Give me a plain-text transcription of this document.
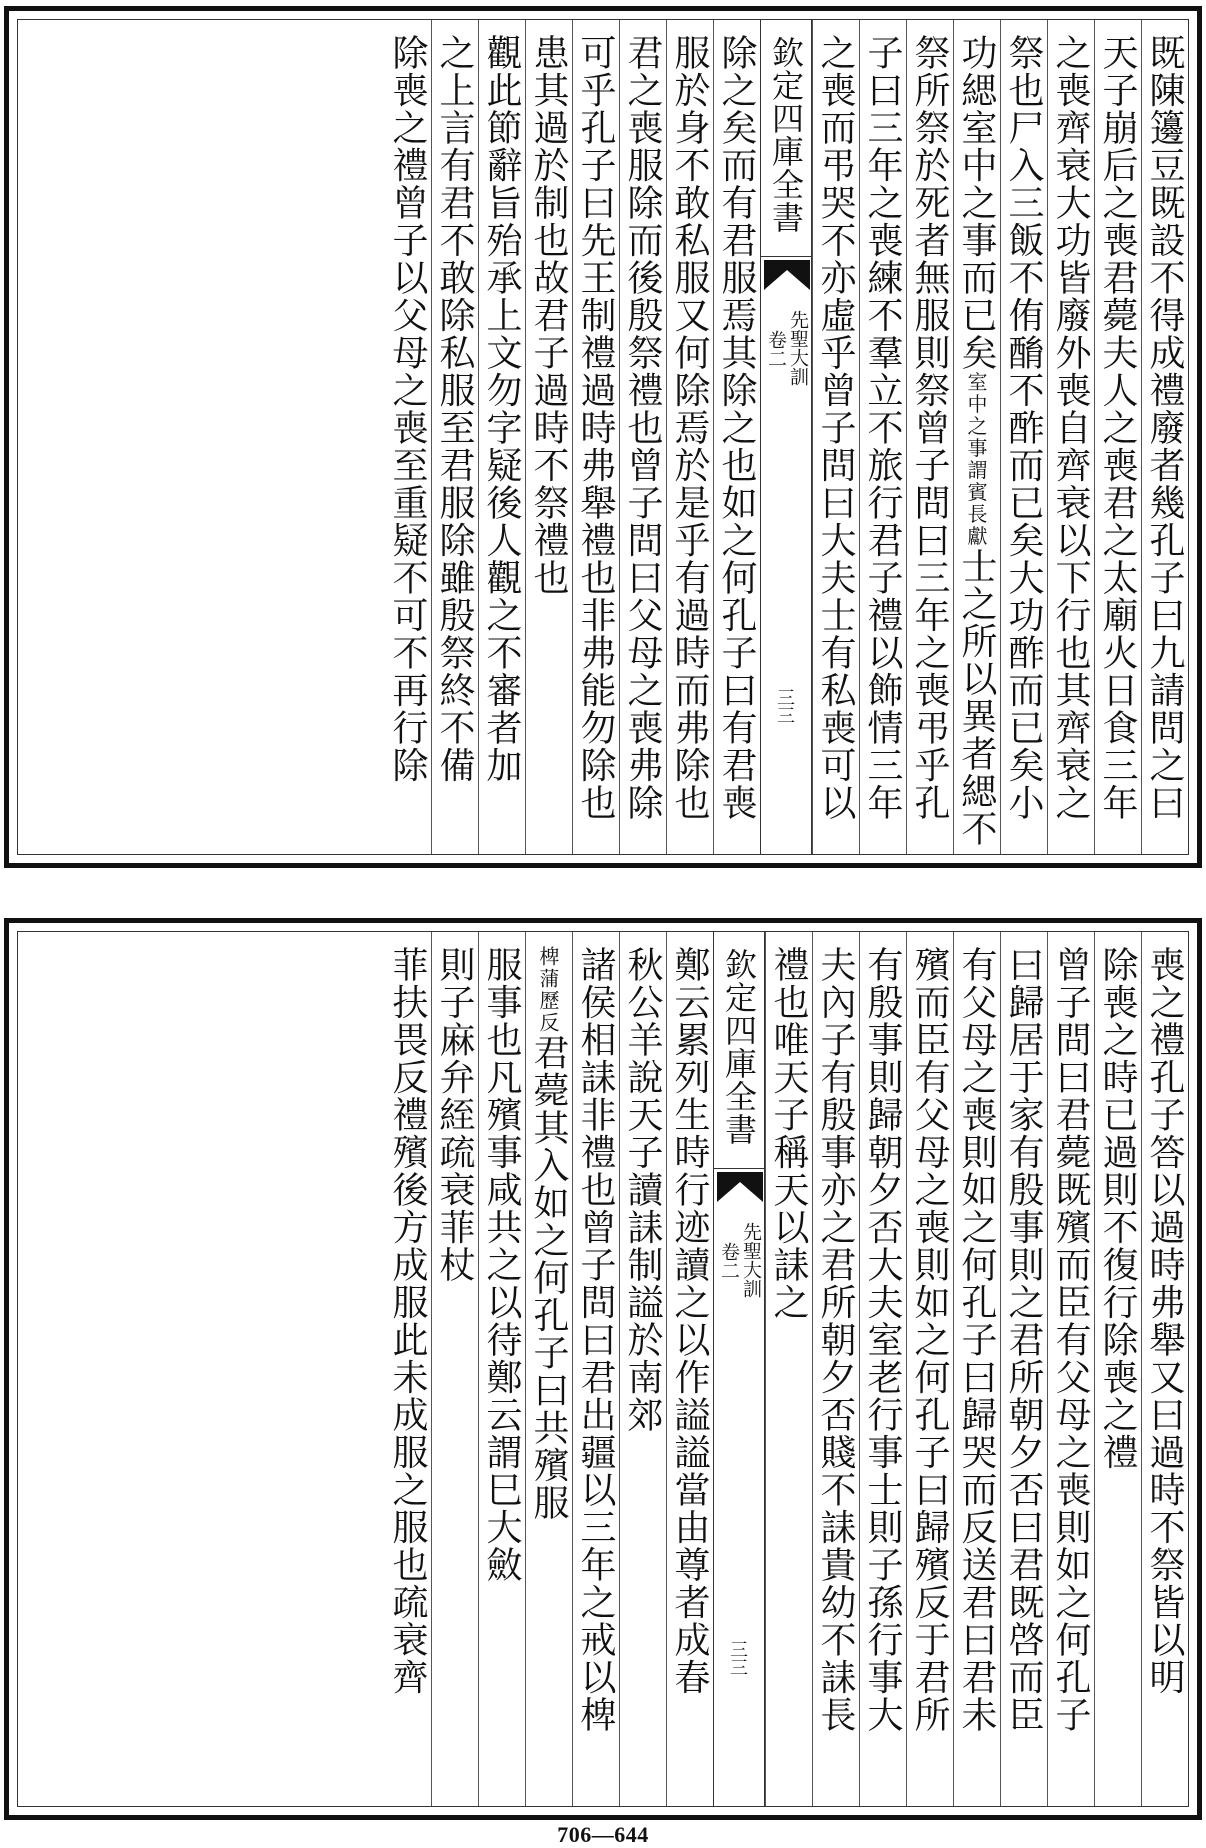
既陳籩豆既設不得成禮廢者幾孔子曰九請問之曰
天子崩后之喪君薨夫人之喪君之太廟火日食三年
之喪齊衰大功皆廢外喪自齊衰以下行也其齊衰之
祭也尸入三飯不侑酳不酢而已矣大功酢而已矣小
功緦室中之事而已矣室中之事謂賓長獻士之所以異者緦不
祭所祭於死者無服則祭曾子問曰三年之喪弔乎孔
子曰三年之喪練不羣立不旅行君子禮以飾情三年
之喪而弔哭不亦虛乎曾子問曰大夫士有私喪可以
欽定四庫全書
先聖大訓
卷二
三三
除之矣而有君服焉其除之也如之何孔子曰有君喪
服於身不敢私服又何除焉於是乎有過時而弗除也
君之喪服除而後殷祭禮也曾子問曰父母之喪弗除
可乎孔子曰先王制禮過時弗舉禮也非弗能勿除也
患其過於制也故君子過時不祭禮也
觀此節辭旨殆承上文勿字疑後人觀之不審者加
之上言有君不敢除私服至君服除雖殷祭終不備
除喪之禮曾子以父母之喪至重疑不可不再行除
喪之禮孔子答以過時弗舉又曰過時不祭皆以明
除喪之時已過則不復行除喪之禮
曾子問曰君薨既殯而臣有父母之喪則如之何孔子
曰歸居于家有殷事則之君所朝夕否曰君既啓而臣
有父母之喪則如之何孔子曰歸哭而反送君曰君未
殯而臣有父母之喪則如之何孔子曰歸殯反于君所
有殷事則歸朝夕否大夫室老行事士則子孫行事大
夫內子有殷事亦之君所朝夕否賤不誄貴幼不誄長
禮也唯天子稱天以誄之
欽定四庫全書
先聖大訓
卷二
三三
鄭云累列生時行迹讀之以作謚謚當由尊者成春
秋公羊說天子讀誄制謚於南郊
諸侯相誄非禮也曾子問曰君出疆以三年之戒以椑
椑蒲歷反君薨其入如之何孔子曰共殯服
服事也凡殯事咸共之以待鄭云謂巳大斂
則子麻弁絰疏衰菲杖
菲扶畏反禮殯後方成服此未成服之服也疏衰齊
706—644
